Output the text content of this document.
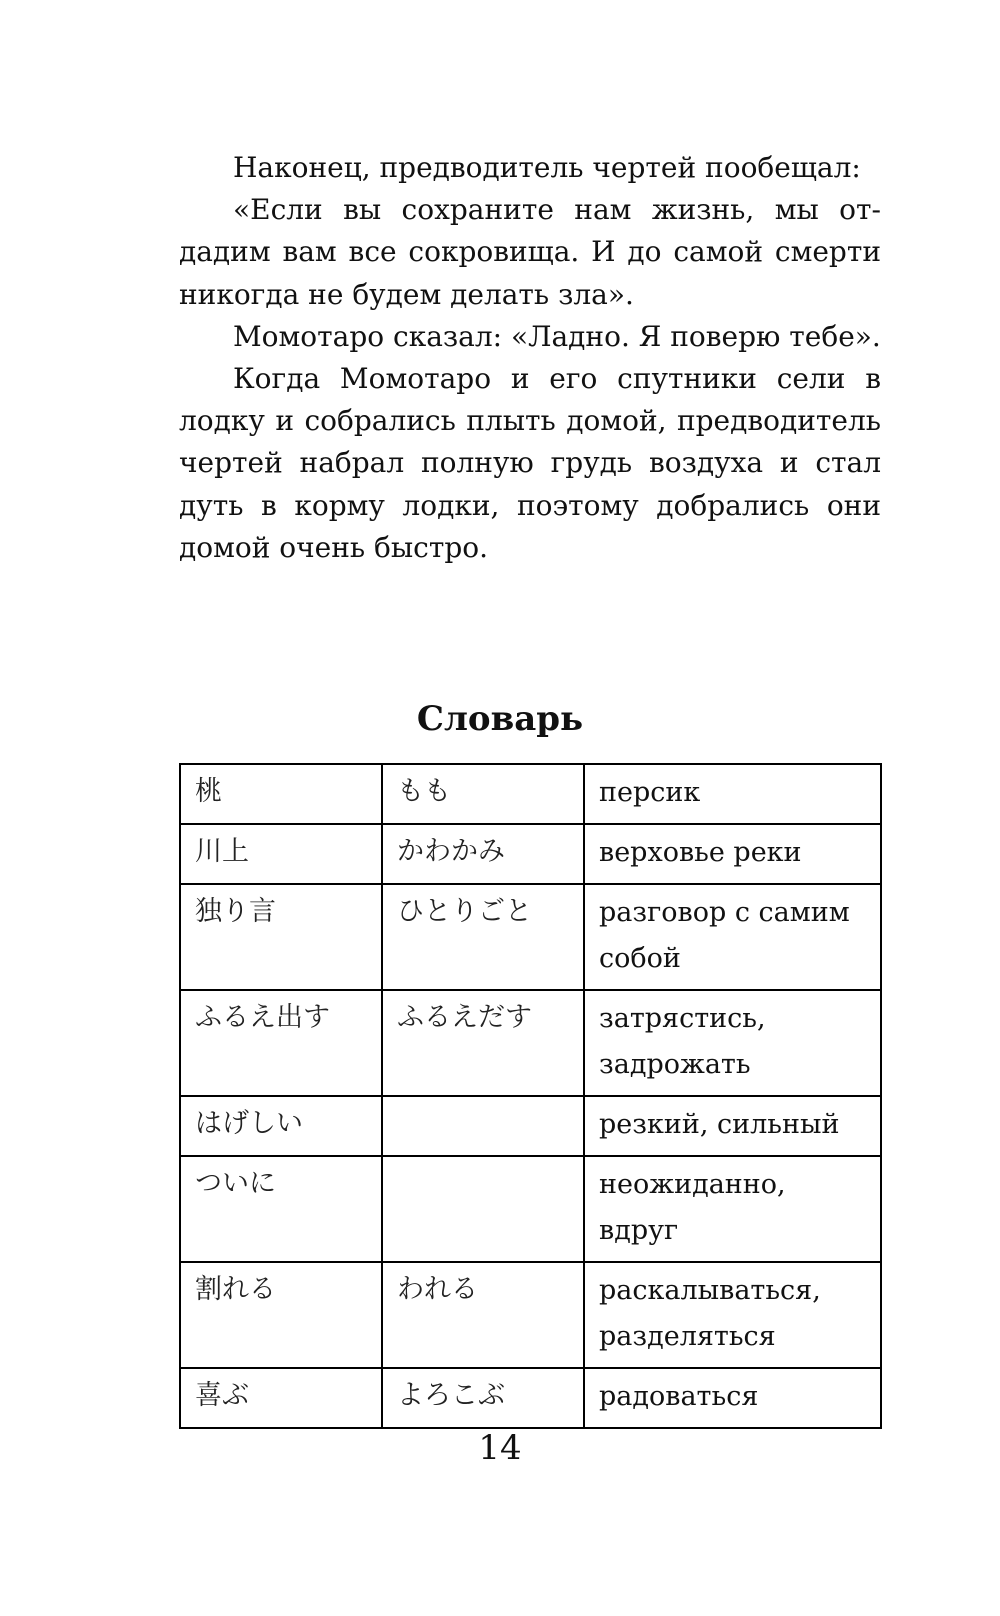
Наконец, предводитель чертей пообещал:

«Если вы сохраните нам жизнь, мы от-дадим вам все сокровища. И до самой смерти никогда не будем делать зла».

Момотаро сказал: «Ладно. Я поверю тебе».

Когда Момотаро и его спутники сели в лодку и собрались плыть домой, предводитель чертей набрал полную грудь воздуха и стал дуть в корму лодки, поэтому добрались они домой очень быстро.

Словарь
桃	もも	персик
川上	かわかみ	верховье реки
独り言	ひとりごと	разговор с самим собой
ふるえ出す	ふるえだす	затрястись, задрожать
はげしい		резкий, сильный
ついに		неожиданно, вдруг
割れる	われる	раскалываться, разделяться
喜ぶ	よろこぶ	радоваться
14
